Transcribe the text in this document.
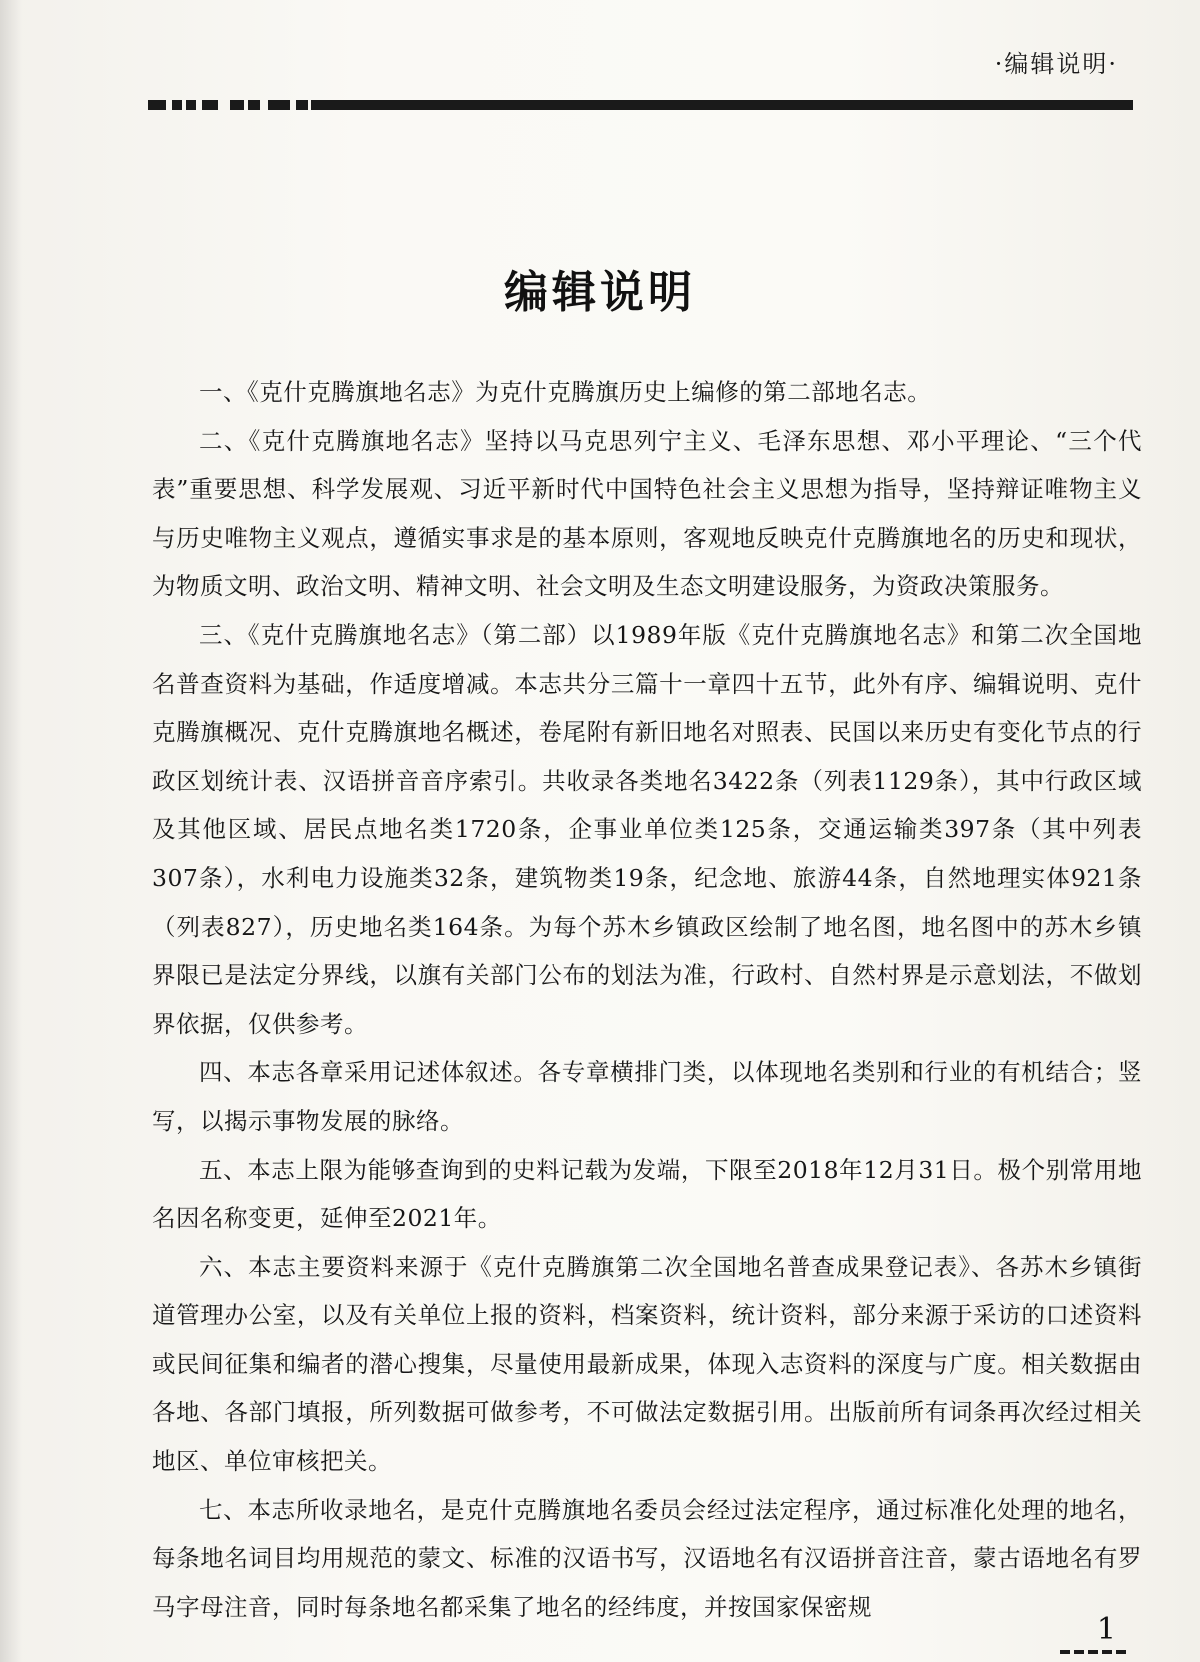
·编辑说明·
编辑说明

一、《克什克腾旗地名志》为克什克腾旗历史上编修的第二部地名志。

二、《克什克腾旗地名志》坚持以马克思列宁主义、毛泽东思想、邓小平理论、“三个代表”重要思想、科学发展观、习近平新时代中国特色社会主义思想为指导，坚持辩证唯物主义与历史唯物主义观点，遵循实事求是的基本原则，客观地反映克什克腾旗地名的历史和现状，为物质文明、政治文明、精神文明、社会文明及生态文明建设服务，为资政决策服务。

三、《克什克腾旗地名志》（第二部）以1989年版《克什克腾旗地名志》和第二次全国地名普查资料为基础，作适度增减。本志共分三篇十一章四十五节，此外有序、编辑说明、克什克腾旗概况、克什克腾旗地名概述，卷尾附有新旧地名对照表、民国以来历史有变化节点的行政区划统计表、汉语拼音音序索引。共收录各类地名3422条（列表1129条），其中行政区域及其他区域、居民点地名类1720条，企事业单位类125条，交通运输类397条（其中列表307条），水利电力设施类32条，建筑物类19条，纪念地、旅游44条，自然地理实体921条（列表827），历史地名类164条。为每个苏木乡镇政区绘制了地名图，地名图中的苏木乡镇界限已是法定分界线，以旗有关部门公布的划法为准，行政村、自然村界是示意划法，不做划界依据，仅供参考。

四、本志各章采用记述体叙述。各专章横排门类，以体现地名类别和行业的有机结合；竖写，以揭示事物发展的脉络。

五、本志上限为能够查询到的史料记载为发端，下限至2018年12月31日。极个别常用地名因名称变更，延伸至2021年。

六、本志主要资料来源于《克什克腾旗第二次全国地名普查成果登记表》、各苏木乡镇街道管理办公室，以及有关单位上报的资料，档案资料，统计资料，部分来源于采访的口述资料或民间征集和编者的潜心搜集，尽量使用最新成果，体现入志资料的深度与广度。相关数据由各地、各部门填报，所列数据可做参考，不可做法定数据引用。出版前所有词条再次经过相关地区、单位审核把关。

七、本志所收录地名，是克什克腾旗地名委员会经过法定程序，通过标准化处理的地名，每条地名词目均用规范的蒙文、标准的汉语书写，汉语地名有汉语拼音注音，蒙古语地名有罗马字母注音，同时每条地名都采集了地名的经纬度，并按国家保密规

1
